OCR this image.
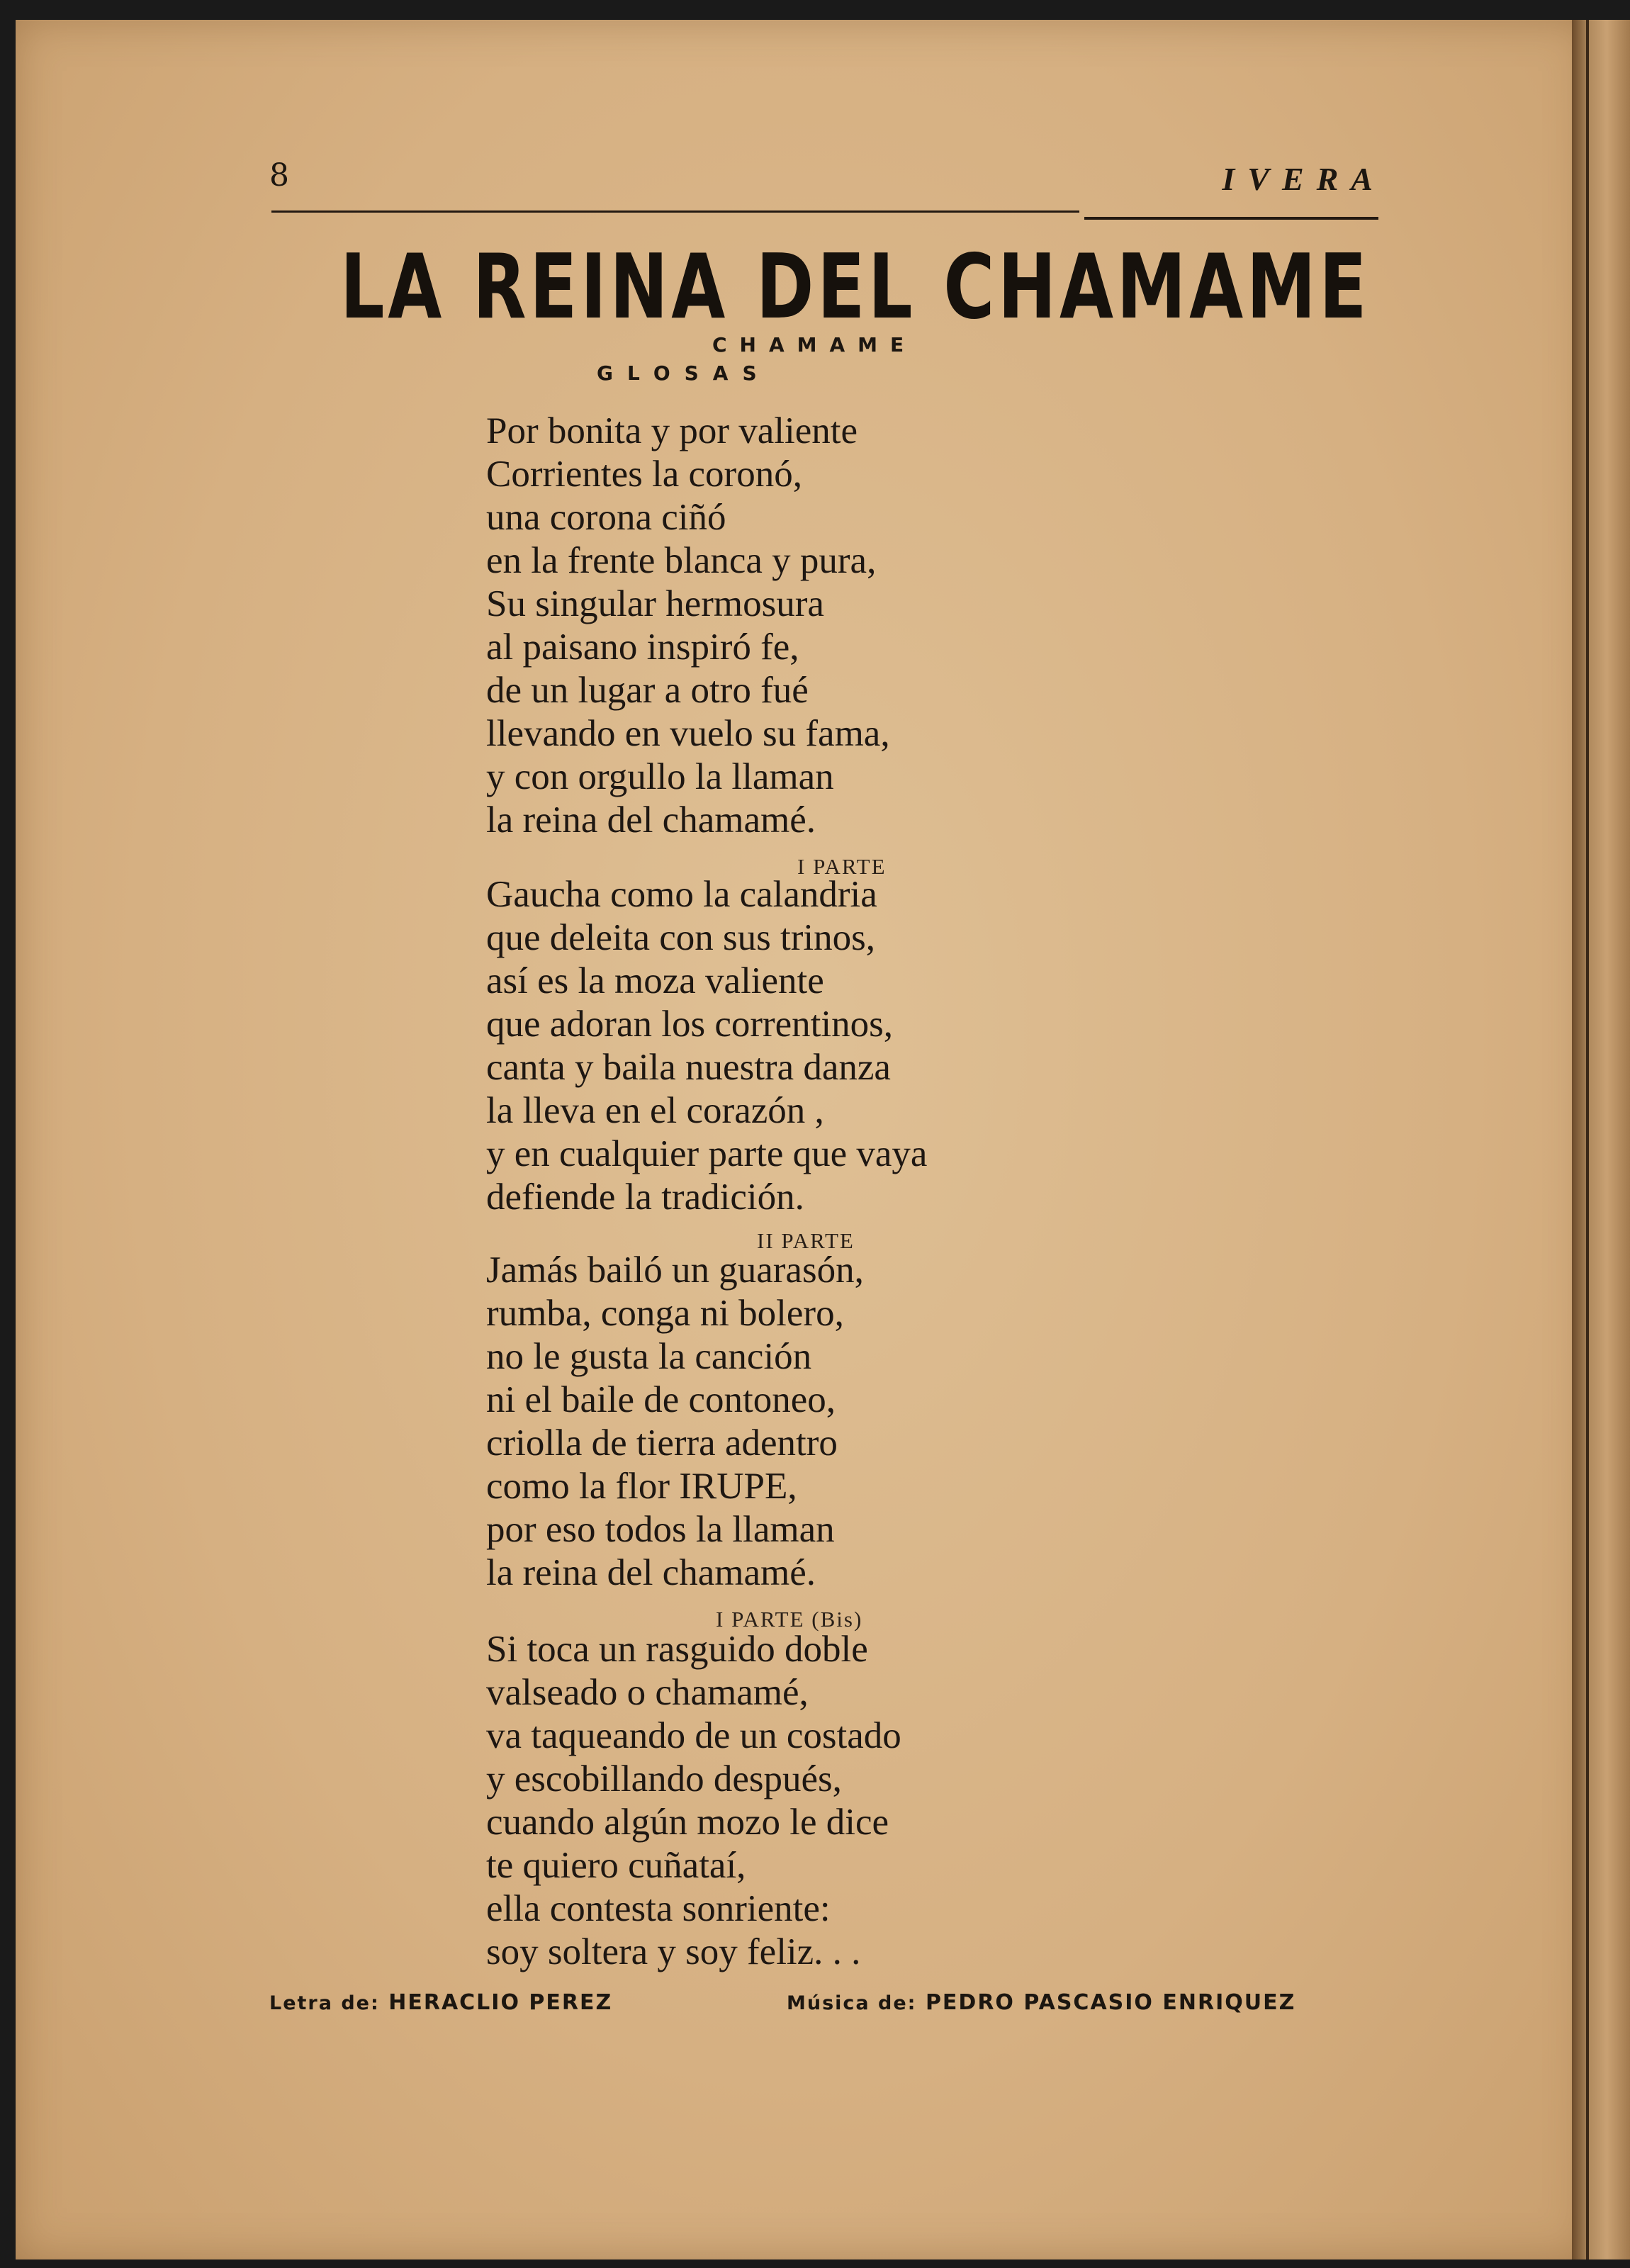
8	IVERA
LA REINA DEL CHAMAME
CHAMAME
GLOSAS
Por bonita y por valiente
Corrientes la coronó,
una corona ciñó
en la frente blanca y pura,
Su singular hermosura
al paisano inspiró fe,
de un lugar a otro fué
llevando en vuelo su fama,
y con orgullo la llaman
la reina del chamamé.
I PARTE
Gaucha como la calandria
que deleita con sus trinos,
así es la moza valiente
que adoran los correntinos,
canta y baila nuestra danza
la lleva en el corazón ,
y en cualquier parte que vaya
defiende la tradición.
II PARTE
Jamás bailó un guarasón,
rumba, conga ni bolero,
no le gusta la canción
ni el baile de contoneo,
criolla de tierra adentro
como la flor IRUPE,
por eso todos la llaman
la reina del chamamé.
I PARTE (Bis)
Si toca un rasguido doble
valseado o chamamé,
va taqueando de un costado
y escobillando después,
cuando algún mozo le dice
te quiero cuñataí,
ella contesta sonriente:
soy soltera y soy feliz. . .
Letra de: HERACLIO PEREZ	Música de: PEDRO PASCASIO ENRIQUEZ
